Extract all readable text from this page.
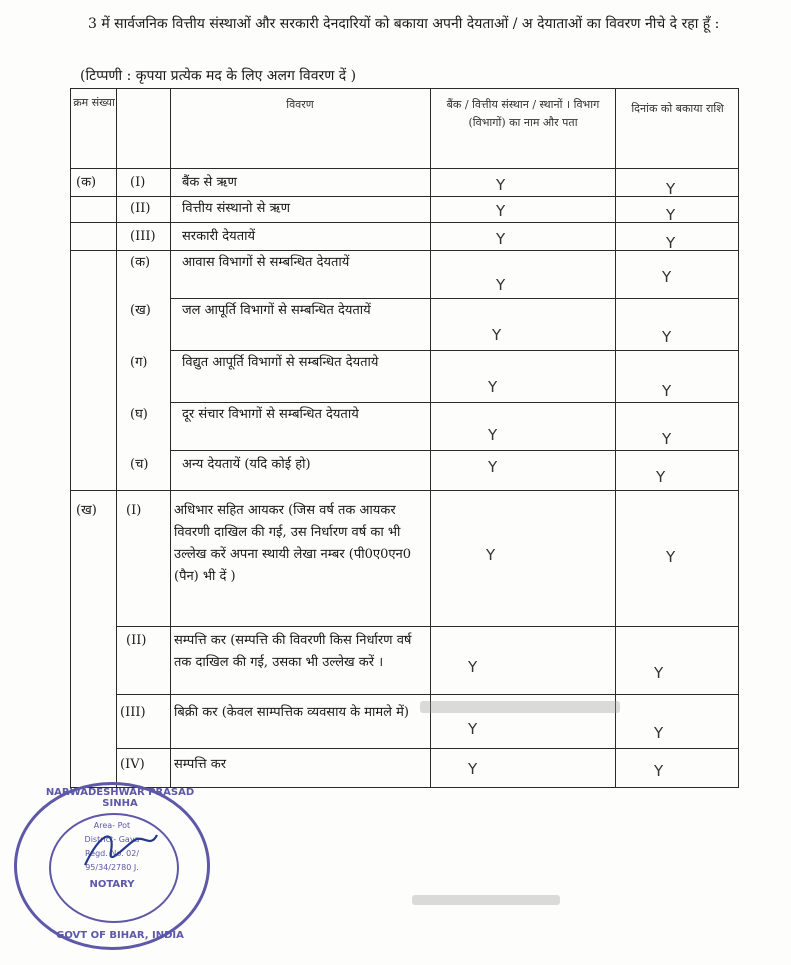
3 में सार्वजनिक वित्तीय संस्थाओं और सरकारी देनदारियों को बकाया अपनी देयताओं / अ देयाताओं का विवरण नीचे दे रहा हूँ :
(टिप्पणी : कृपया प्रत्येक मद के लिए अलग विवरण दें )
क्रम संख्या	विवरण	बैंक / वित्तीय संस्थान / स्थानों । विभाग (विभागों) का नाम और पता
दिनांक को बकाया राशि
(क)
(ख)
(I)
(II)
(III)
(क)
(ख)
(ग)
(घ)
(च)
(I)
(II)
(III)
(IV)
बैंक से ऋण
वित्तीय संस्थानो से ऋण
सरकारी देयतायें
आवास विभागों से सम्बन्धित देयतायें
जल आपूर्ति विभागों से सम्बन्धित देयतायें
विद्युत आपूर्ति विभागों से सम्बन्धित देयताये
दूर संचार विभागों से सम्बन्धित देयताये
अन्य देयतायें (यदि कोई हो)
अधिभार सहित आयकर (जिस वर्ष तक आयकर विवरणी दाखिल की गई, उस निर्धारण वर्ष का भी उल्लेख करें अपना स्थायी लेखा नम्बर (पी0ए0एन0 (पैन) भी दें )
सम्पत्ति कर (सम्पत्ति की विवरणी किस निर्धारण वर्ष तक दाखिल की गई, उसका भी उल्लेख करें ।
बिक्री कर (केवल साम्पत्तिक व्यवसाय के मामले में)
सम्पत्ति कर
Y
Y
Y
Y
Y
Y
Y
Y
Y
Y
Y
Y
Y
Y
Y
Y
Y
Y
Y
Y
Y
Y
Y
Y
NARWADESHWAR PRASAD SINHA
Area- Pot
District- Gaya
Regd. No. 02/
95/34/2780 J.
NOTARY
GOVT OF BIHAR, INDIA
